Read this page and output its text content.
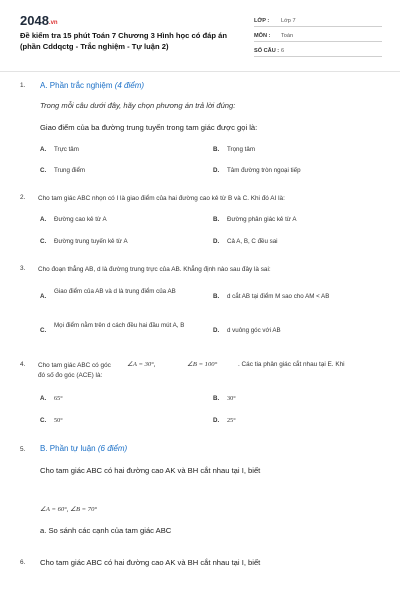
2048.vn
Đề kiểm tra 15 phút Toán 7 Chương 3 Hình học có đáp án (phần Cddqctg - Trắc nghiệm - Tự luận 2)
LỚP :	Lớp 7
MÔN :	Toán
SỐ CÂU : 6
1. A. Phần trắc nghiệm (4 điểm)
Trong mỗi câu dưới đây, hãy chọn phương án trả lời đúng:
Giao điểm của ba đường trung tuyến trong tam giác được gọi là:
A. Trực tâm	B. Trọng tâm
C. Trung điểm	D. Tâm đường tròn ngoại tiếp
2. Cho tam giác ABC nhọn có I là giao điểm của hai đường cao kẻ từ B và C. Khi đó AI là:
A. Đường cao kẻ từ A	B. Đường phân giác kẻ từ A
C. Đường trung tuyến kẻ từ A	D. Cả A, B, C đều sai
3. Cho đoạn thẳng AB, d là đường trung trực của AB. Khẳng định nào sau đây là sai:
A.
Giao điểm của AB và d là trung điểm của AB
B. d cắt AB tại điểm M sao cho AM < AB
C.
Mọi điểm nằm trên d cách đều hai đầu mút A, B
D. d vuông góc với AB
4. Cho tam giác ABC có góc	∠A = 30°,	∠B = 100°	. Các tia phân giác cắt nhau tại E. Khi
đó số đo góc (ACE) là:
A. 65°	B. 30°
C. 50°	D. 25°
5. B. Phần tự luận (6 điểm)
Cho tam giác ABC có hai đường cao AK và BH cắt nhau tại I, biết
∠A = 60°, ∠B = 70°
a. So sánh các cạnh của tam giác ABC
6. Cho tam giác ABC có hai đường cao AK và BH cắt nhau tại I, biết
